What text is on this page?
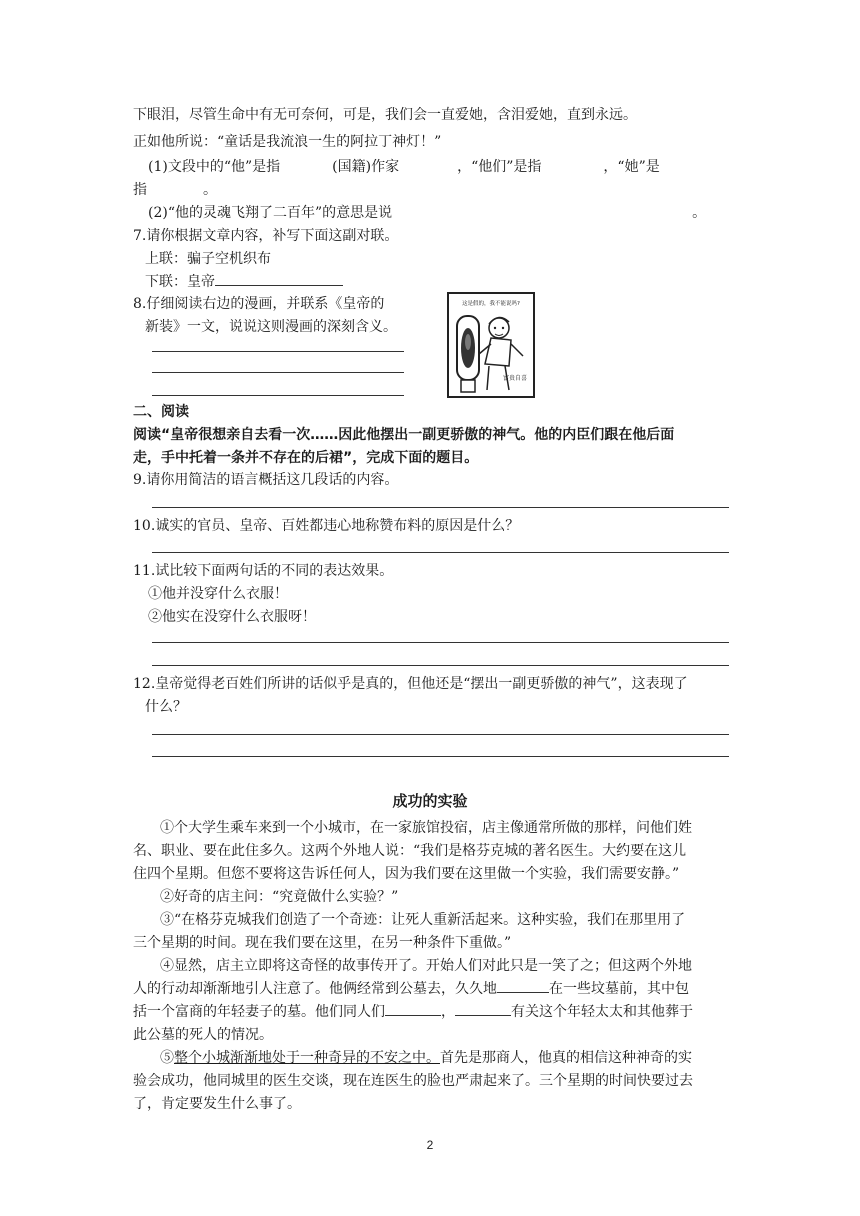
下眼泪，尽管生命中有无可奈何，可是，我们会一直爱她，含泪爱她，直到永远。
正如他所说：“童话是我流浪一生的阿拉丁神灯！”
(1)文段中的“他”是指	(国籍)作家	，“他们”是指	，“她”是
指	。
(2)“他的灵魂飞翔了二百年”的意思是说	。
7.请你根据文章内容，补写下面这副对联。
上联：骗子空机织布
下联：皇帝
8.仔细阅读右边的漫画，并联系《皇帝的
新装》一文，说说这则漫画的深刻含义。
这是假的，我不能说吗?
富贵自喜
二、阅读
阅读“皇帝很想亲自去看一次……因此他摆出一副更骄傲的神气。他的内臣们跟在他后面
走，手中托着一条并不存在的后裙”，完成下面的题目。
9.请你用简洁的语言概括这几段话的内容。
10.诚实的官员、皇帝、百姓都违心地称赞布料的原因是什么？
11.试比较下面两句话的不同的表达效果。
①他并没穿什么衣服！
②他实在没穿什么衣服呀！
12.皇帝觉得老百姓们所讲的话似乎是真的，但他还是“摆出一副更骄傲的神气”，这表现了
什么？
成功的实验
①个大学生乘车来到一个小城市，在一家旅馆投宿，店主像通常所做的那样，问他们姓
名、职业、要在此住多久。这两个外地人说：“我们是格芬克城的著名医生。大约要在这儿
住四个星期。但您不要将这告诉任何人，因为我们要在这里做一个实验，我们需要安静。”
②好奇的店主问：“究竟做什么实验？”
③“在格芬克城我们创造了一个奇迹：让死人重新活起来。这种实验，我们在那里用了
三个星期的时间。现在我们要在这里，在另一种条件下重做。”
④显然，店主立即将这奇怪的故事传开了。开始人们对此只是一笑了之；但这两个外地
人的行动却渐渐地引人注意了。他俩经常到公墓去，久久地	在一些坟墓前，其中包
括一个富商的年轻妻子的墓。他们同人们	，	有关这个年轻太太和其他葬于
此公墓的死人的情况。
⑤整个小城渐渐地处于一种奇异的不安之中。首先是那商人，他真的相信这种神奇的实
验会成功，他同城里的医生交谈，现在连医生的脸也严肃起来了。三个星期的时间快要过去
了，肯定要发生什么事了。
2
